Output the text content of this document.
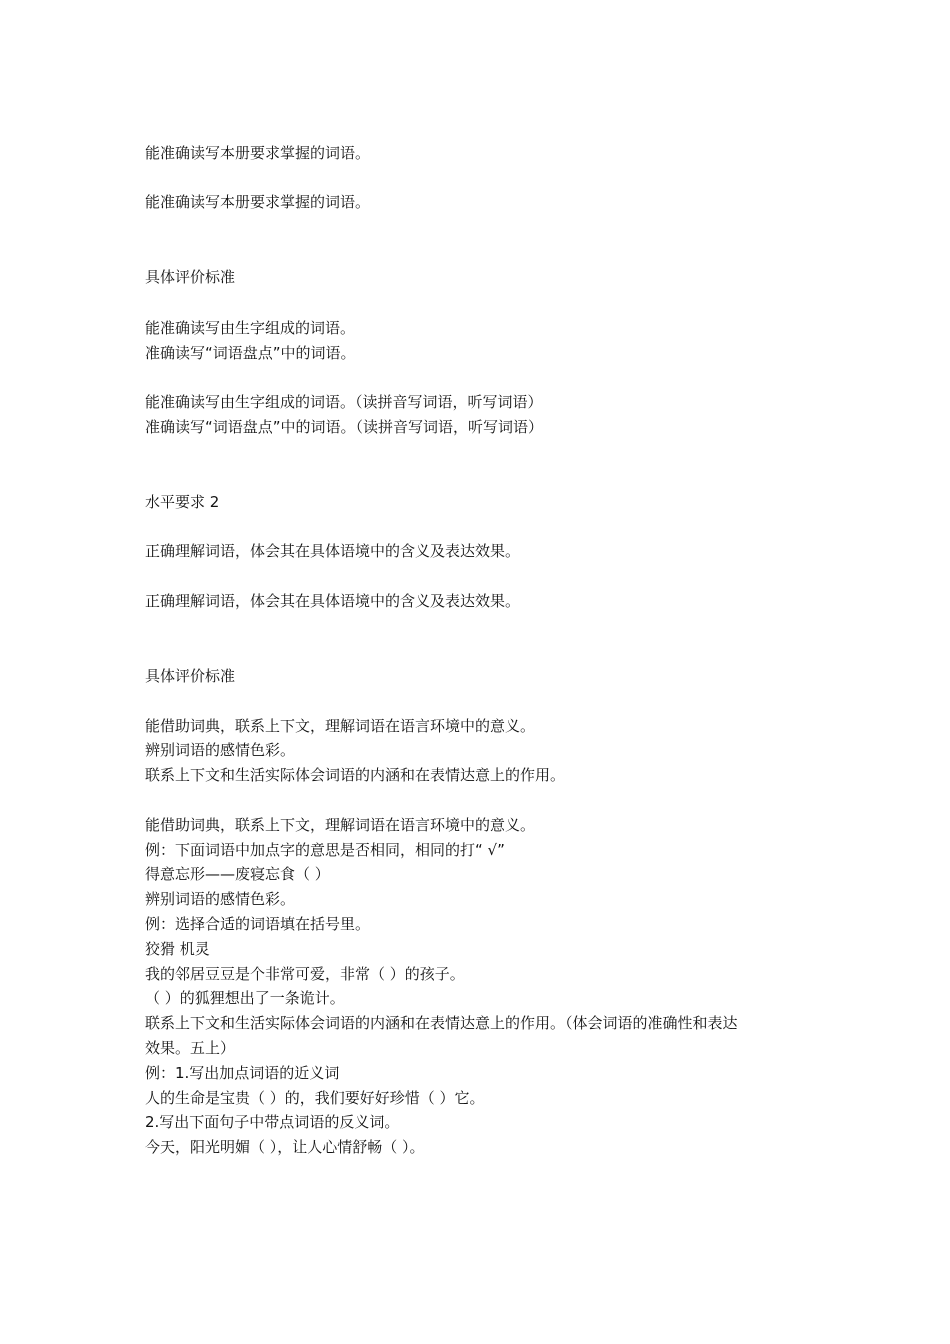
能准确读写本册要求掌握的词语。
能准确读写本册要求掌握的词语。
具体评价标准
能准确读写由生字组成的词语。
准确读写“词语盘点”中的词语。
能准确读写由生字组成的词语。（读拼音写词语，听写词语）
准确读写“词语盘点”中的词语。（读拼音写词语，听写词语）
水平要求 2
正确理解词语，体会其在具体语境中的含义及表达效果。
正确理解词语，体会其在具体语境中的含义及表达效果。
具体评价标准
能借助词典，联系上下文，理解词语在语言环境中的意义。
辨别词语的感情色彩。
联系上下文和生活实际体会词语的内涵和在表情达意上的作用。
能借助词典，联系上下文，理解词语在语言环境中的意义。
例：下面词语中加点字的意思是否相同，相同的打“ √”
得意忘形——废寝忘食（ ）
辨别词语的感情色彩。
例：选择合适的词语填在括号里。
狡猾 机灵
我的邻居豆豆是个非常可爱，非常（ ）的孩子。
（ ）的狐狸想出了一条诡计。
联系上下文和生活实际体会词语的内涵和在表情达意上的作用。（体会词语的准确性和表达
效果。五上）
例：1.写出加点词语的近义词
人的生命是宝贵（ ）的，我们要好好珍惜（ ）它。
2.写出下面句子中带点词语的反义词。
今天，阳光明媚（ ），让人心情舒畅（ ）。
